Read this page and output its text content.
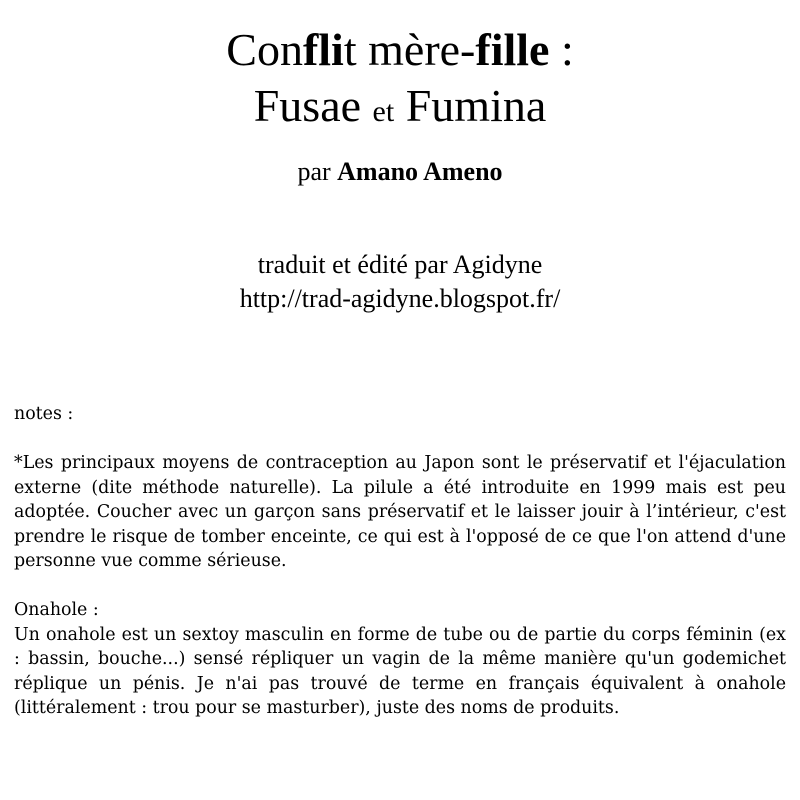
Conflit mère-fille :
Fusae et Fumina
par Amano Ameno
traduit et édité par Agidyne
http://trad-agidyne.blogspot.fr/

notes :

*Les principaux moyens de contraception au Japon sont le préservatif et l'éjaculation externe (dite méthode naturelle). La pilule a été introduite en 1999 mais est peu adoptée. Coucher avec un garçon sans préservatif et le laisser jouir à l’intérieur, c'est prendre le risque de tomber enceinte, ce qui est à l'opposé de ce que l'on attend d'une personne vue comme sérieuse.

Onahole :

Un onahole est un sextoy masculin en forme de tube ou de partie du corps féminin (ex : bassin, bouche...) sensé répliquer un vagin de la même manière qu'un godemichet réplique un pénis. Je n'ai pas trouvé de terme en français équivalent à onahole (littéralement : trou pour se masturber), juste des noms de produits.
